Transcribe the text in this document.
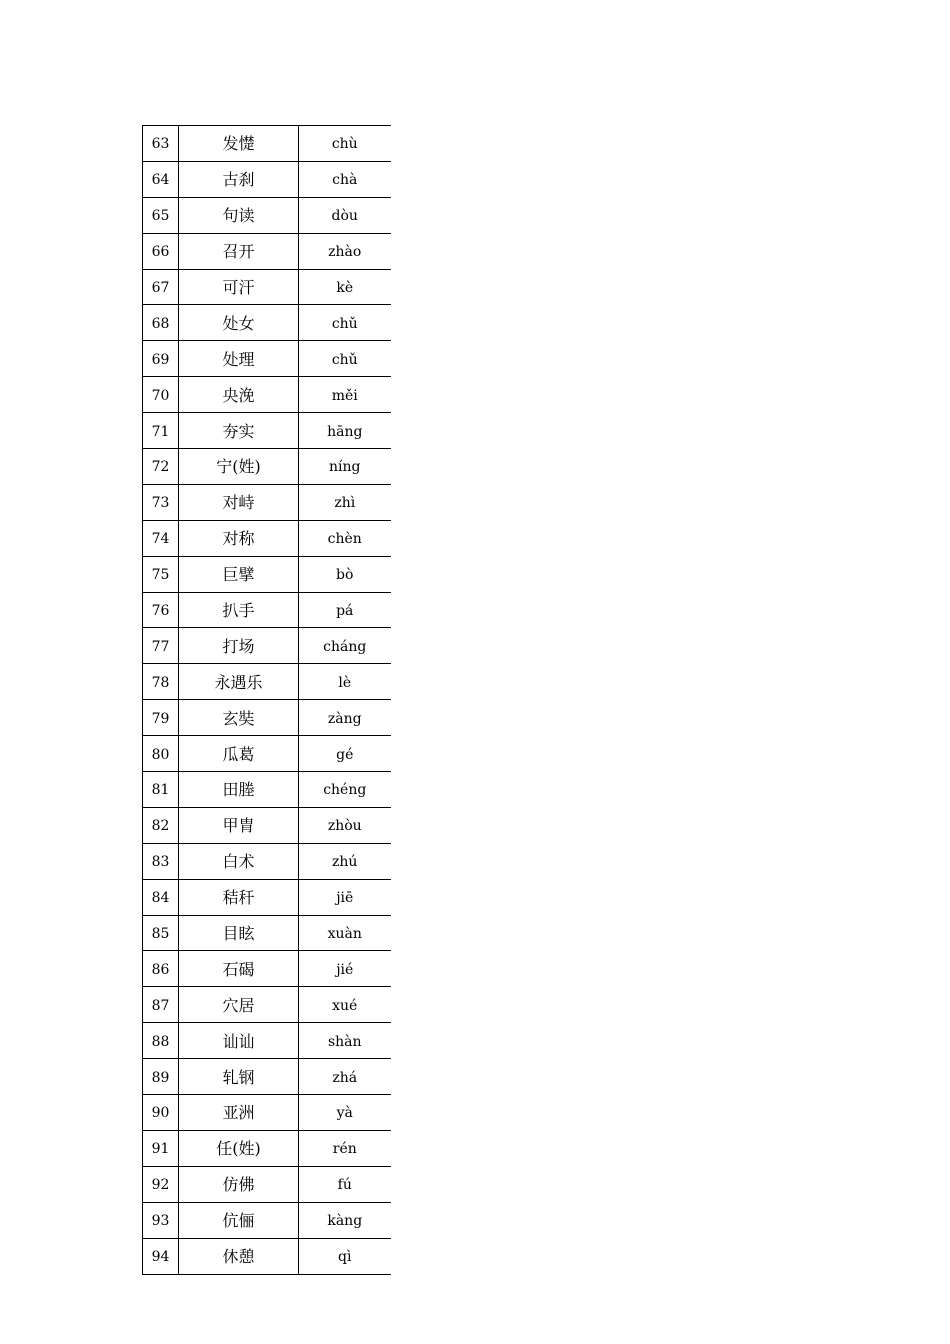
63	发憷	chù
64	古刹	chà
65	句读	dòu
66	召开	zhào
67	可汗	kè
68	处女	chǔ
69	处理	chǔ
70	央浼	měi
71	夯实	hāng
72	宁(姓)	níng
73	对峙	zhì
74	对称	chèn
75	巨擘	bò
76	扒手	pá
77	打场	cháng
78	永遇乐	lè
79	玄奘	zàng
80	瓜葛	gé
81	田塍	chéng
82	甲胄	zhòu
83	白术	zhú
84	秸秆	jiē
85	目眩	xuàn
86	石碣	jié
87	穴居	xué
88	讪讪	shàn
89	轧钢	zhá
90	亚洲	yà
91	任(姓)	rén
92	仿佛	fú
93	伉俪	kàng
94	休憩	qì
